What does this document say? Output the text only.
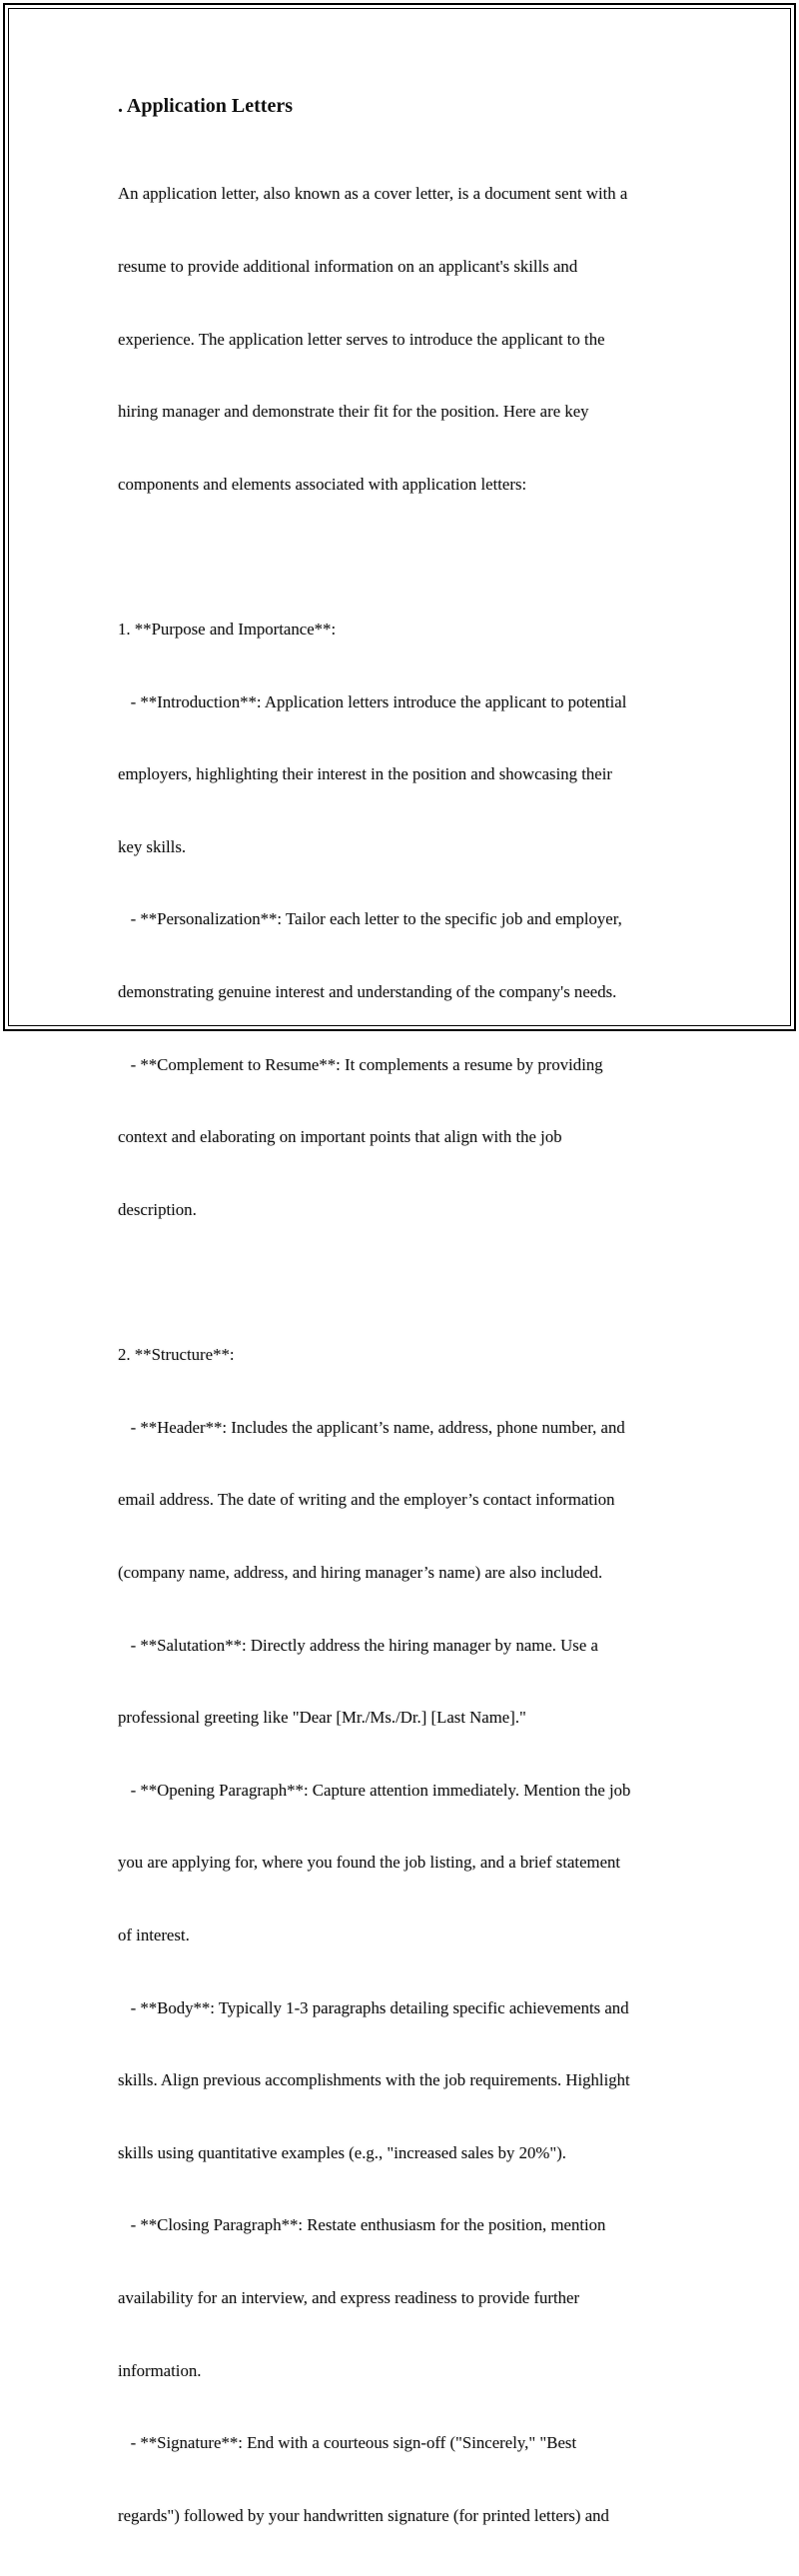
. Application Letters

An application letter, also known as a cover letter, is a document sent with a

resume to provide additional information on an applicant's skills and

experience. The application letter serves to introduce the applicant to the

hiring manager and demonstrate their fit for the position. Here are key

components and elements associated with application letters:

1. **Purpose and Importance**:

- **Introduction**: Application letters introduce the applicant to potential

employers, highlighting their interest in the position and showcasing their

key skills.

- **Personalization**: Tailor each letter to the specific job and employer,

demonstrating genuine interest and understanding of the company's needs.

- **Complement to Resume**: It complements a resume by providing

context and elaborating on important points that align with the job

description.

2. **Structure**:

- **Header**: Includes the applicant’s name, address, phone number, and

email address. The date of writing and the employer’s contact information

(company name, address, and hiring manager’s name) are also included.

- **Salutation**: Directly address the hiring manager by name. Use a

professional greeting like "Dear [Mr./Ms./Dr.] [Last Name]."

- **Opening Paragraph**: Capture attention immediately. Mention the job

you are applying for, where you found the job listing, and a brief statement

of interest.

- **Body**: Typically 1-3 paragraphs detailing specific achievements and

skills. Align previous accomplishments with the job requirements. Highlight

skills using quantitative examples (e.g., "increased sales by 20%").

- **Closing Paragraph**: Restate enthusiasm for the position, mention

availability for an interview, and express readiness to provide further

information.

- **Signature**: End with a courteous sign-off ("Sincerely," "Best

regards") followed by your handwritten signature (for printed letters) and
